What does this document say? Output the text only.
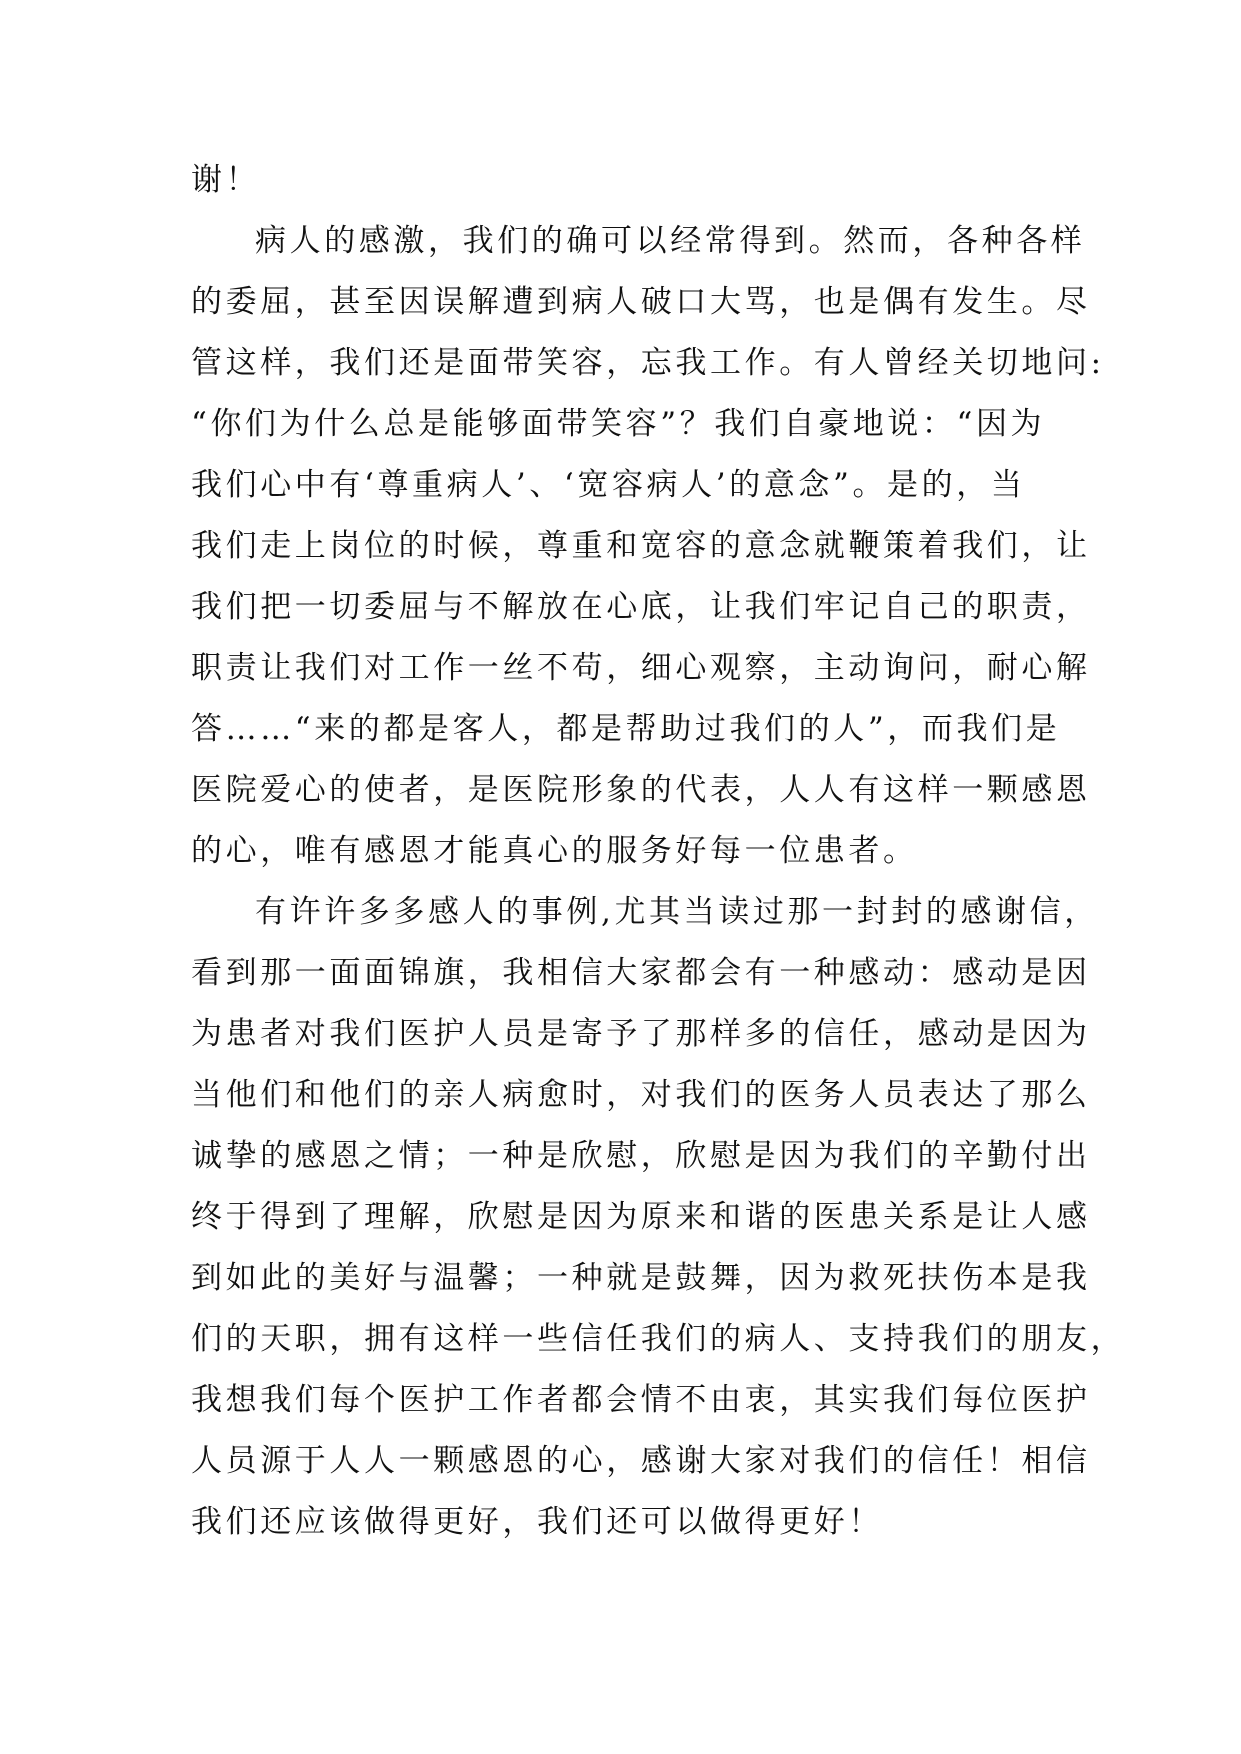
谢！
病人的感激，我们的确可以经常得到。然而，各种各样
的委屈，甚至因误解遭到病人破口大骂，也是偶有发生。尽
管这样，我们还是面带笑容，忘我工作。有人曾经关切地问:
“你们为什么总是能够面带笑容”？我们自豪地说：“因为
我们心中有‘尊重病人’、‘宽容病人’的意念”。是的，当
我们走上岗位的时候，尊重和宽容的意念就鞭策着我们，让
我们把一切委屈与不解放在心底，让我们牢记自己的职责，
职责让我们对工作一丝不苟，细心观察，主动询问，耐心解
答……“来的都是客人，都是帮助过我们的人”，而我们是
医院爱心的使者，是医院形象的代表，人人有这样一颗感恩
的心，唯有感恩才能真心的服务好每一位患者。
有许许多多感人的事例,尤其当读过那一封封的感谢信，
看到那一面面锦旗，我相信大家都会有一种感动：感动是因
为患者对我们医护人员是寄予了那样多的信任，感动是因为
当他们和他们的亲人病愈时，对我们的医务人员表达了那么
诚挚的感恩之情；一种是欣慰，欣慰是因为我们的辛勤付出
终于得到了理解，欣慰是因为原来和谐的医患关系是让人感
到如此的美好与温馨；一种就是鼓舞，因为救死扶伤本是我
们的天职，拥有这样一些信任我们的病人、支持我们的朋友，
我想我们每个医护工作者都会情不由衷，其实我们每位医护
人员源于人人一颗感恩的心，感谢大家对我们的信任！相信
我们还应该做得更好，我们还可以做得更好！
